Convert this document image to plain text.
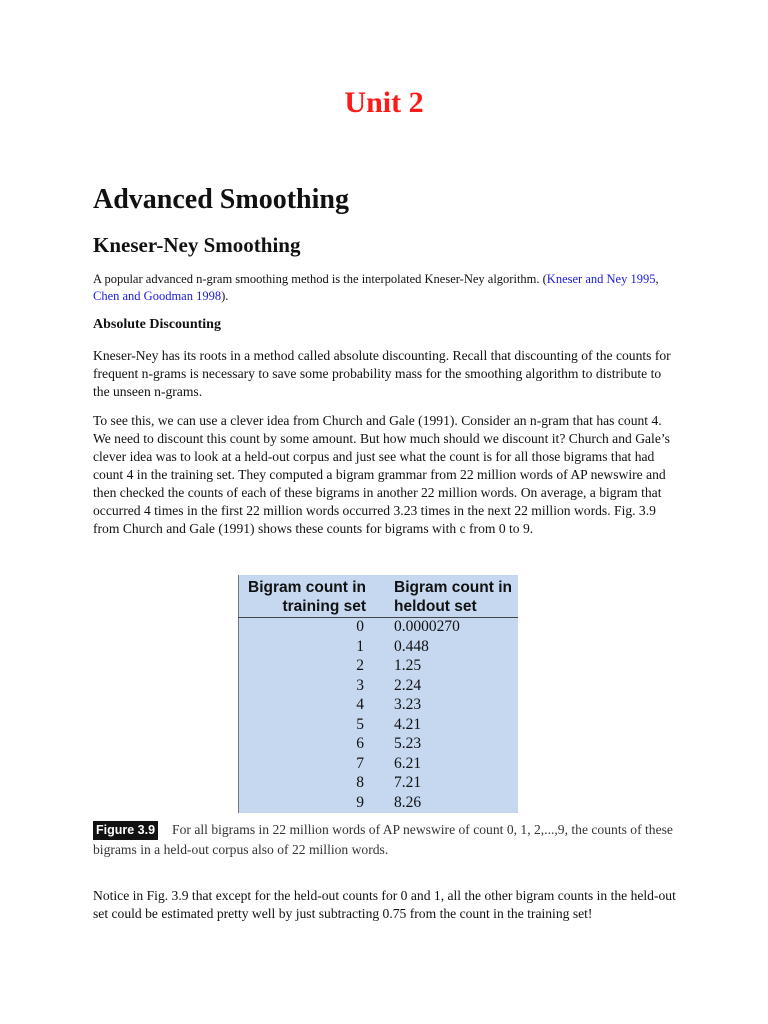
Unit 2
Advanced Smoothing
Kneser-Ney Smoothing
A popular advanced n-gram smoothing method is the interpolated Kneser-Ney algorithm. (Kneser and Ney 1995, Chen and Goodman 1998).
Absolute Discounting
Kneser-Ney has its roots in a method called absolute discounting. Recall that discounting of the counts for frequent n-grams is necessary to save some probability mass for the smoothing algorithm to distribute to the unseen n-grams.
To see this, we can use a clever idea from Church and Gale (1991). Consider an n-gram that has count 4. We need to discount this count by some amount. But how much should we discount it? Church and Gale’s clever idea was to look at a held-out corpus and just see what the count is for all those bigrams that had count 4 in the training set. They computed a bigram grammar from 22 million words of AP newswire and then checked the counts of each of these bigrams in another 22 million words. On average, a bigram that occurred 4 times in the first 22 million words occurred 3.23 times in the next 22 million words. Fig. 3.9 from Church and Gale (1991) shows these counts for bigrams with c from 0 to 9.
Bigram count in
training set
Bigram count in
heldout set
0 0.0000270
1 0.448
2 1.25
3 2.24
4 3.23
5 4.21
6 5.23
7 6.21
8 7.21
9 8.26
Figure 3.9 For all bigrams in 22 million words of AP newswire of count 0, 1, 2,...,9, the counts of these bigrams in a held-out corpus also of 22 million words.
Notice in Fig. 3.9 that except for the held-out counts for 0 and 1, all the other bigram counts in the held-out set could be estimated pretty well by just subtracting 0.75 from the count in the training set!
